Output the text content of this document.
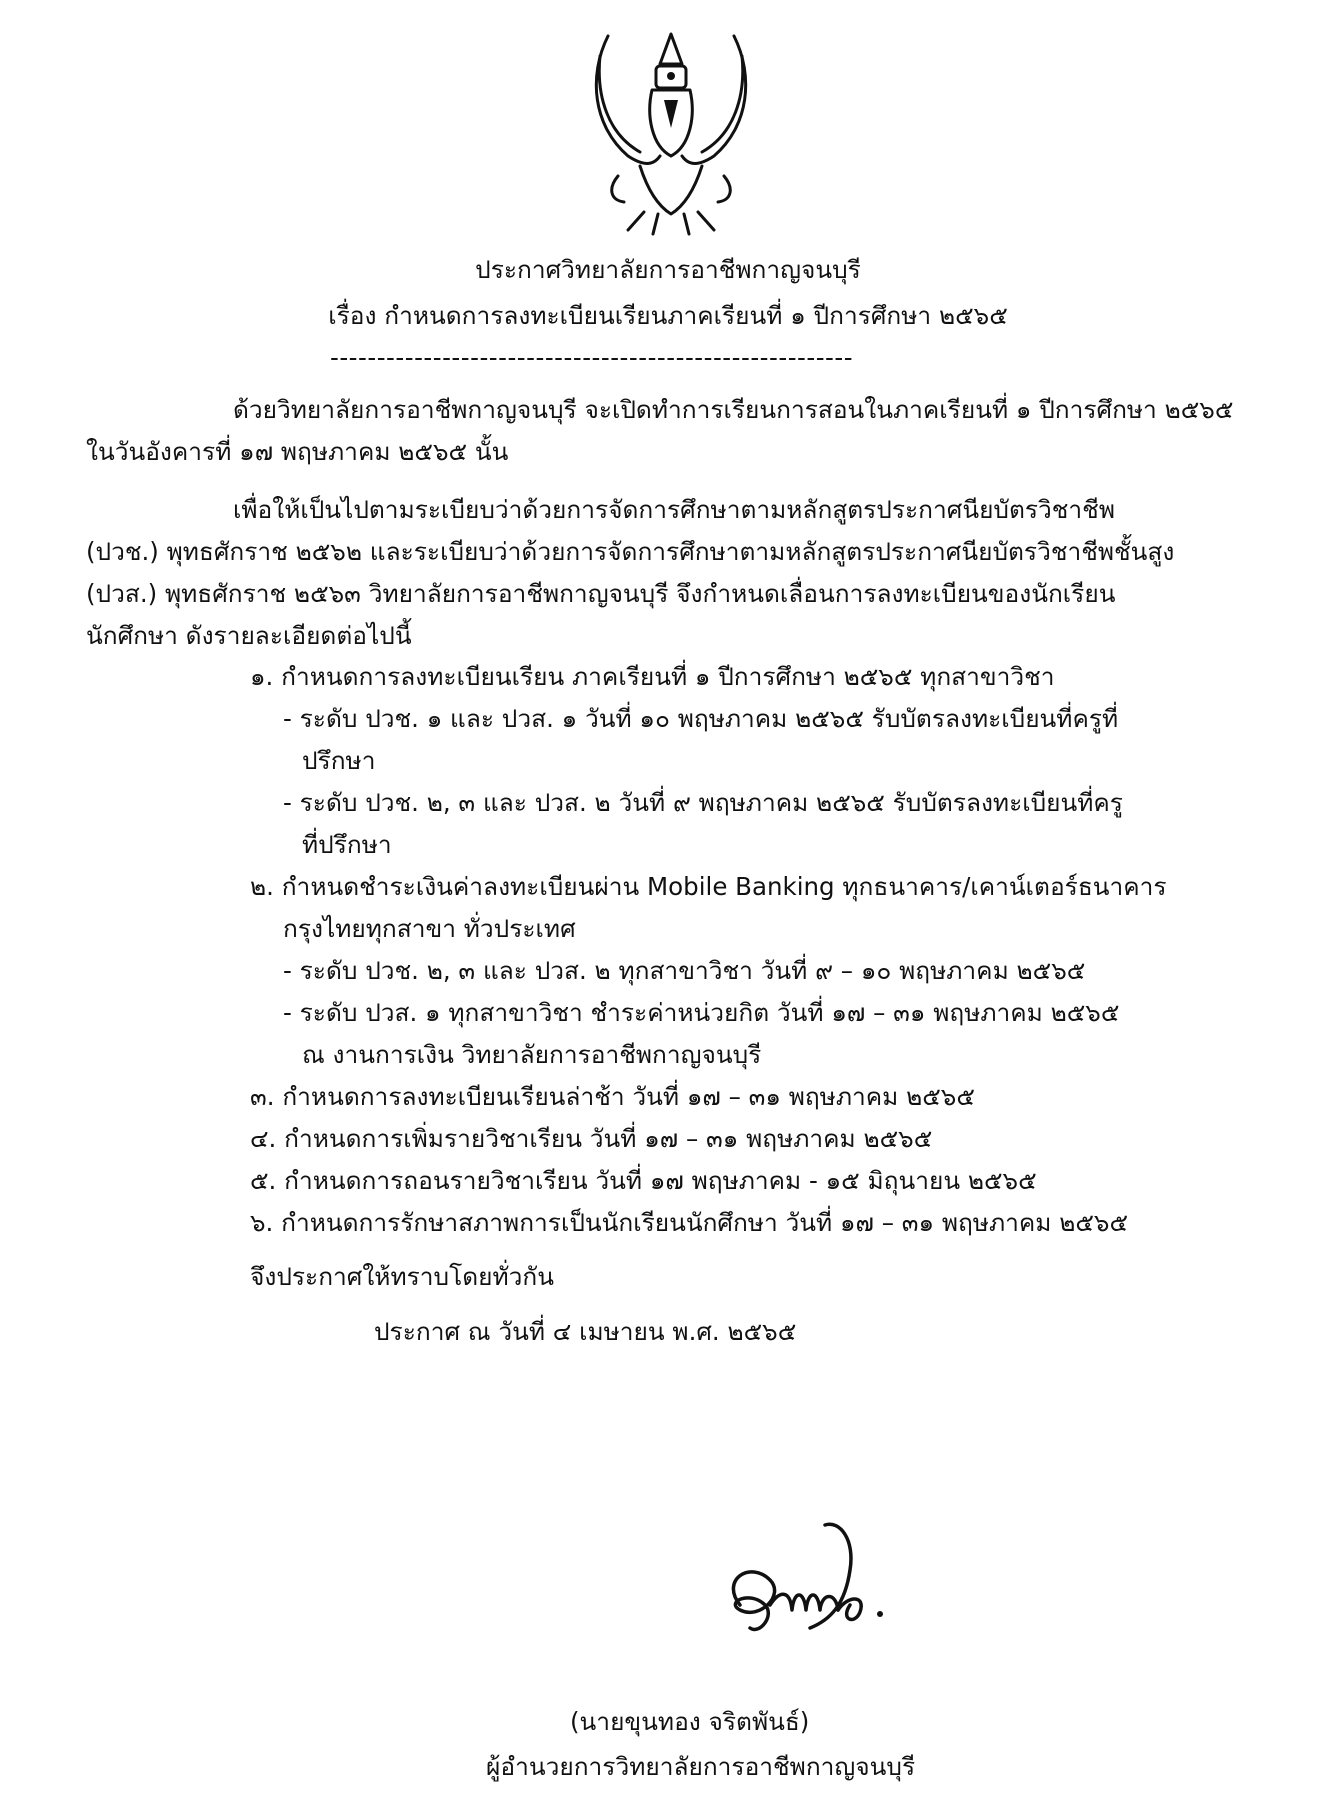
ประกาศวิทยาลัยการอาชีพกาญจนบุรี
เรื่อง กำหนดการลงทะเบียนเรียนภาคเรียนที่ ๑ ปีการศึกษา ๒๕๖๕
--------------------------------------------------------
ด้วยวิทยาลัยการอาชีพกาญจนบุรี จะเปิดทำการเรียนการสอนในภาคเรียนที่ ๑ ปีการศึกษา ๒๕๖๕
ในวันอังคารที่ ๑๗ พฤษภาคม ๒๕๖๕ นั้น
เพื่อให้เป็นไปตามระเบียบว่าด้วยการจัดการศึกษาตามหลักสูตรประกาศนียบัตรวิชาชีพ
(ปวช.) พุทธศักราช ๒๕๖๒ และระเบียบว่าด้วยการจัดการศึกษาตามหลักสูตรประกาศนียบัตรวิชาชีพชั้นสูง
(ปวส.) พุทธศักราช ๒๕๖๓ วิทยาลัยการอาชีพกาญจนบุรี จึงกำหนดเลื่อนการลงทะเบียนของนักเรียน
นักศึกษา ดังรายละเอียดต่อไปนี้
๑. กำหนดการลงทะเบียนเรียน ภาคเรียนที่ ๑ ปีการศึกษา ๒๕๖๕ ทุกสาขาวิชา
- ระดับ ปวช. ๑ และ ปวส. ๑ วันที่ ๑๐ พฤษภาคม ๒๕๖๕ รับบัตรลงทะเบียนที่ครูที่
ปรึกษา
- ระดับ ปวช. ๒, ๓ และ ปวส. ๒ วันที่ ๙ พฤษภาคม ๒๕๖๕ รับบัตรลงทะเบียนที่ครู
ที่ปรึกษา
๒. กำหนดชำระเงินค่าลงทะเบียนผ่าน Mobile Banking ทุกธนาคาร/เคาน์เตอร์ธนาคาร
กรุงไทยทุกสาขา ทั่วประเทศ
- ระดับ ปวช. ๒, ๓ และ ปวส. ๒ ทุกสาขาวิชา วันที่ ๙ – ๑๐ พฤษภาคม ๒๕๖๕
- ระดับ ปวส. ๑ ทุกสาขาวิชา ชำระค่าหน่วยกิต วันที่ ๑๗ – ๓๑ พฤษภาคม ๒๕๖๕
ณ งานการเงิน วิทยาลัยการอาชีพกาญจนบุรี
๓. กำหนดการลงทะเบียนเรียนล่าช้า วันที่ ๑๗ – ๓๑ พฤษภาคม ๒๕๖๕
๔. กำหนดการเพิ่มรายวิชาเรียน วันที่ ๑๗ – ๓๑ พฤษภาคม ๒๕๖๕
๕. กำหนดการถอนรายวิชาเรียน วันที่ ๑๗ พฤษภาคม - ๑๕ มิถุนายน ๒๕๖๕
๖. กำหนดการรักษาสภาพการเป็นนักเรียนนักศึกษา วันที่ ๑๗ – ๓๑ พฤษภาคม ๒๕๖๕
จึงประกาศให้ทราบโดยทั่วกัน
ประกาศ ณ วันที่ ๔ เมษายน พ.ศ. ๒๕๖๕
(นายขุนทอง จริตพันธ์)
ผู้อำนวยการวิทยาลัยการอาชีพกาญจนบุรี
